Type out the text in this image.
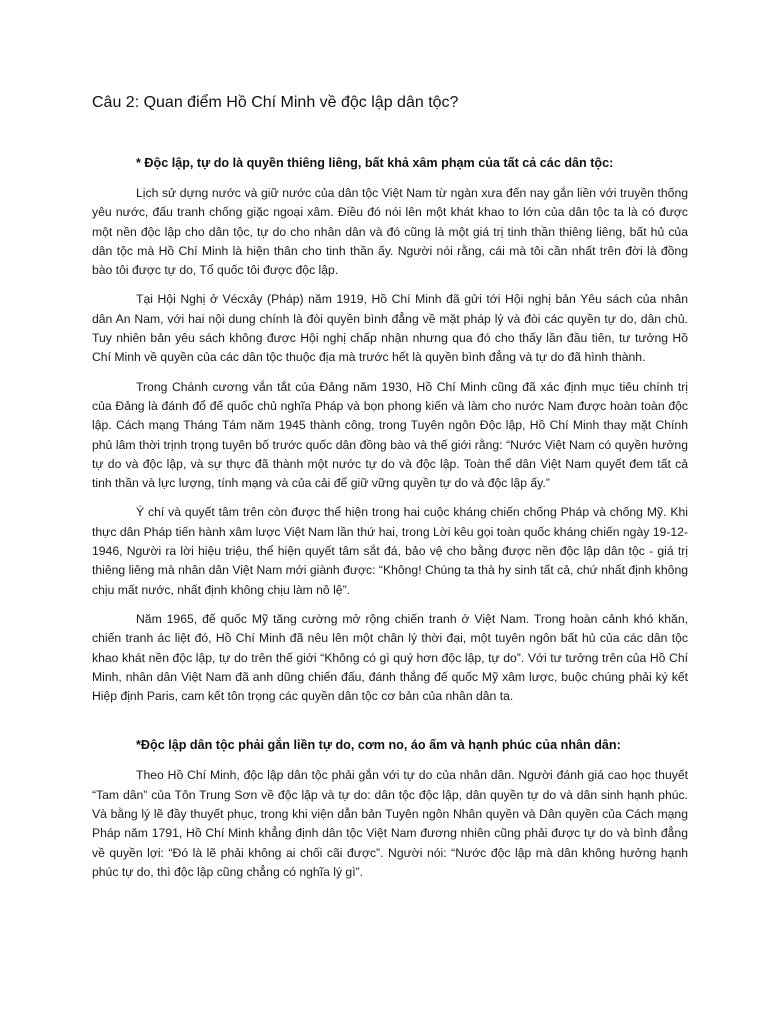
Câu 2: Quan điểm Hồ Chí Minh về độc lập dân tộc?

* Độc lập, tự do là quyền thiêng liêng, bất khả xâm phạm của tất cả các dân tộc:

Lịch sử dựng nước và giữ nước của dân tộc Việt Nam từ ngàn xưa đến nay gắn liền với truyền thống yêu nước, đấu tranh chống giặc ngoại xâm. Điều đó nói lên một khát khao to lớn của dân tộc ta là có được một nền độc lập cho dân tộc, tự do cho nhân dân và đó cũng là một giá trị tinh thần thiêng liêng, bất hủ của dân tộc mà Hồ Chí Minh là hiện thân cho tinh thần ấy. Người nói rằng, cái mà tôi cần nhất trên đời là đồng bào tôi được tự do, Tổ quốc tôi được độc lập.

Tại Hội Nghị ở Vécxây (Pháp) năm 1919, Hồ Chí Minh đã gửi tới Hội nghị bản Yêu sách của nhân dân An Nam, với hai nội dung chính là đòi quyền bình đẳng về mặt pháp lý và đòi các quyền tự do, dân chủ. Tuy nhiên bản yêu sách không được Hội nghị chấp nhận nhưng qua đó cho thấy lần đầu tiên, tư tưởng Hồ Chí Minh về quyền của các dân tộc thuộc địa mà trước hết là quyền bình đẳng và tự do đã hình thành.

Trong Chánh cương vắn tắt của Đảng năm 1930, Hồ Chí Minh cũng đã xác định mục tiêu chính trị của Đảng là đánh đổ đế quốc chủ nghĩa Pháp và bọn phong kiến và làm cho nước Nam được hoàn toàn độc lập. Cách mạng Tháng Tám năm 1945 thành công, trong Tuyên ngôn Độc lập, Hồ Chí Minh thay mặt Chính phủ lâm thời trịnh trọng tuyên bố trước quốc dân đồng bào và thế giới rằng: “Nước Việt Nam có quyền hưởng tự do và độc lập, và sự thực đã thành một nước tự do và độc lập. Toàn thể dân Việt Nam quyết đem tất cả tinh thần và lực lượng, tính mạng và của cải để giữ vững quyền tự do và độc lập ấy.”

Ý chí và quyết tâm trên còn được thể hiện trong hai cuộc kháng chiến chống Pháp và chống Mỹ. Khi thực dân Pháp tiến hành xâm lược Việt Nam lần thứ hai, trong Lời kêu gọi toàn quốc kháng chiến ngày 19-12-1946, Người ra lời hiệu triệu, thể hiện quyết tâm sắt đá, bảo vệ cho bằng được nền độc lập dân tộc - giá trị thiêng liêng mà nhân dân Việt Nam mới giành được: “Không! Chúng ta thà hy sinh tất cả, chứ nhất định không chịu mất nước, nhất định không chịu làm nô lệ”.

Năm 1965, đế quốc Mỹ tăng cường mở rộng chiến tranh ở Việt Nam. Trong hoàn cảnh khó khăn, chiến tranh ác liệt đó, Hồ Chí Minh đã nêu lên một chân lý thời đại, một tuyên ngôn bất hủ của các dân tộc khao khát nền độc lập, tự do trên thế giới “Không có gì quý hơn độc lập, tự do”. Với tư tưởng trên của Hồ Chí Minh, nhân dân Việt Nam đã anh dũng chiến đấu, đánh thắng đế quốc Mỹ xâm lược, buộc chúng phải ký kết Hiệp định Paris, cam kết tôn trọng các quyền dân tộc cơ bản của nhân dân ta.

*Độc lập dân tộc phải gắn liền tự do, cơm no, áo ấm và hạnh phúc của nhân dân:

Theo Hồ Chí Minh, độc lập dân tộc phải gắn với tự do của nhân dân. Người đánh giá cao học thuyết “Tam dân” của Tôn Trung Sơn về độc lập và tự do: dân tộc độc lập, dân quyền tự do và dân sinh hạnh phúc. Và bằng lý lẽ đầy thuyết phục, trong khi viện dẫn bản Tuyên ngôn Nhân quyền và Dân quyền của Cách mạng Pháp năm 1791, Hồ Chí Minh khẳng định dân tộc Việt Nam đương nhiên cũng phải được tự do và bình đẳng về quyền lợi: “Đó là lẽ phải không ai chối cãi được”. Người nói: “Nước độc lập mà dân không hưởng hạnh phúc tự do, thì độc lập cũng chẳng có nghĩa lý gì”.
